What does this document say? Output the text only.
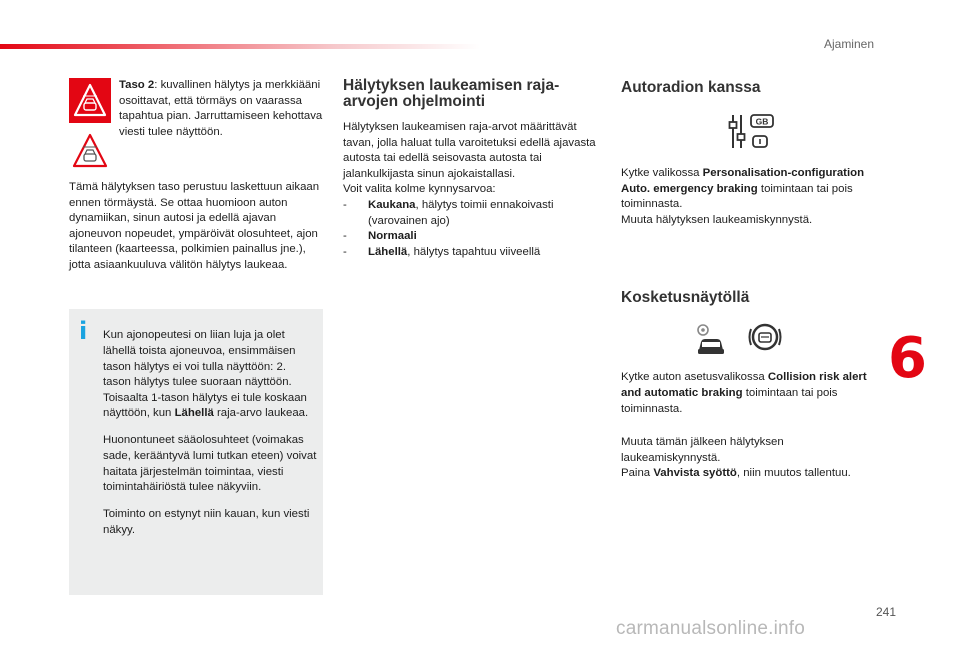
Ajaminen

Taso 2: kuvallinen hälytys ja merkkiääni osoittavat, että törmäys on vaarassa tapahtua pian. Jarruttamiseen kehottava viesti tulee näyttöön.

Tämä hälytyksen taso perustuu laskettuun aikaan ennen törmäystä. Se ottaa huomioon auton dynamiikan, sinun autosi ja edellä ajavan ajoneuvon nopeudet, ympäröivät olosuhteet, ajon tilanteen (kaarteessa, polkimien painallus jne.), jotta asiaankuuluva välitön hälytys laukeaa.

i Kun ajonopeutesi on liian luja ja olet lähellä toista ajoneuvoa, ensimmäisen tason hälytys ei voi tulla näyttöön: 2. tason hälytys tulee suoraan näyttöön. Toisaalta 1-tason hälytys ei tule koskaan näyttöön, kun Lähellä raja-arvo laukeaa.

Huonontuneet sääolosuhteet (voimakas sade, kerääntyvä lumi tutkan eteen) voivat haitata järjestelmän toimintaa, viesti toimintahäiriöstä tulee näkyviin.

Toiminto on estynyt niin kauan, kun viesti näkyy.

Hälytyksen laukeamisen raja-arvojen ohjelmointi

Hälytyksen laukeamisen raja-arvot määrittävät tavan, jolla haluat tulla varoitetuksi edellä ajavasta autosta tai edellä seisovasta autosta tai jalankulkijasta sinun ajokaistallasi.

Voit valita kolme kynnysarvoa:

- Kaukana, hälytys toimii ennakoivasti (varovainen ajo)
- Normaali
- Lähellä, hälytys tapahtuu viiveellä
Autoradion kanssa
GB

Kytke valikossa Personalisation-configuration Auto. emergency braking toimintaan tai pois toiminnasta.

Muuta hälytyksen laukeamiskynnystä.

Kosketusnäytöllä

Kytke auton asetusvalikossa Collision risk alert and automatic braking toimintaan tai pois toiminnasta.

Muuta tämän jälkeen hälytyksen laukeamiskynnystä.

Paina Vahvista syöttö, niin muutos tallentuu.

6
241
carmanualsonline.info
